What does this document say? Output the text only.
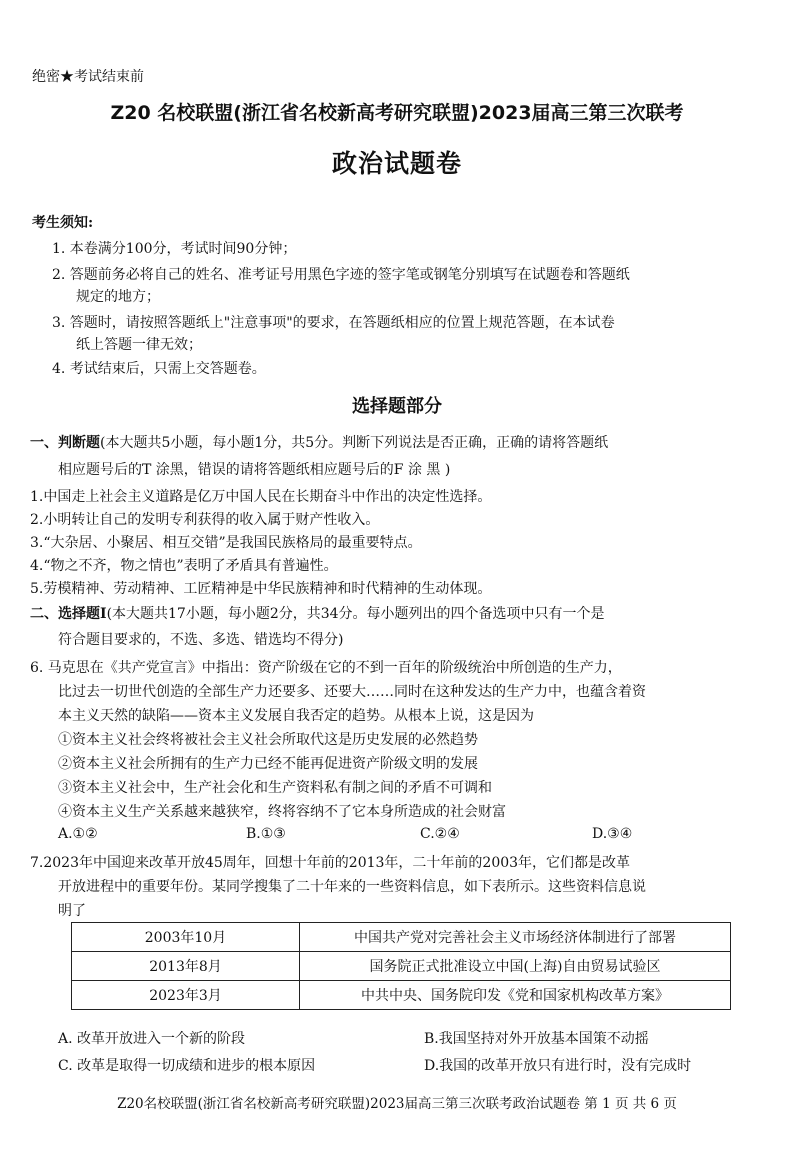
绝密★考试结束前
Z20 名校联盟(浙江省名校新高考研究联盟)2023届高三第三次联考
政治试题卷
考生须知:
1. 本卷满分100分，考试时间90分钟；
2. 答题前务必将自己的姓名、准考证号用黑色字迹的签字笔或钢笔分别填写在试题卷和答题纸
规定的地方；
3. 答题时，请按照答题纸上"注意事项"的要求，在答题纸相应的位置上规范答题，在本试卷
纸上答题一律无效；
4. 考试结束后，只需上交答题卷。
选择题部分
一、判断题(本大题共5小题，每小题1分，共5分。判断下列说法是否正确，正确的请将答题纸
相应题号后的T 涂黑，错误的请将答题纸相应题号后的F 涂 黑 )
1.中国走上社会主义道路是亿万中国人民在长期奋斗中作出的决定性选择。
2.小明转让自己的发明专利获得的收入属于财产性收入。
3.“大杂居、小聚居、相互交错”是我国民族格局的最重要特点。
4.“物之不齐，物之情也”表明了矛盾具有普遍性。
5.劳模精神、劳动精神、工匠精神是中华民族精神和时代精神的生动体现。
二、选择题Ⅰ(本大题共17小题，每小题2分，共34分。每小题列出的四个备选项中只有一个是
符合题目要求的，不选、多选、错选均不得分)
6. 马克思在《共产党宣言》中指出：资产阶级在它的不到一百年的阶级统治中所创造的生产力，
比过去一切世代创造的全部生产力还要多、还要大……同时在这种发达的生产力中，也蕴含着资
本主义天然的缺陷——资本主义发展自我否定的趋势。从根本上说，这是因为
①资本主义社会终将被社会主义社会所取代这是历史发展的必然趋势
②资本主义社会所拥有的生产力已经不能再促进资产阶级文明的发展
③资本主义社会中，生产社会化和生产资料私有制之间的矛盾不可调和
④资本主义生产关系越来越狭窄，终将容纳不了它本身所造成的社会财富
A.①②	B.①③	C.②④	D.③④
7.2023年中国迎来改革开放45周年，回想十年前的2013年，二十年前的2003年，它们都是改革
开放进程中的重要年份。某同学搜集了二十年来的一些资料信息，如下表所示。这些资料信息说
明了
2003年10月	中国共产党对完善社会主义市场经济体制进行了部署
2013年8月	国务院正式批准设立中国(上海)自由贸易试验区
2023年3月	中共中央、国务院印发《党和国家机构改革方案》
A. 改革开放进入一个新的阶段	B.我国坚持对外开放基本国策不动摇
C. 改革是取得一切成绩和进步的根本原因	D.我国的改革开放只有进行时，没有完成时
Z20名校联盟(浙江省名校新高考研究联盟)2023届高三第三次联考政治试题卷 第 1 页 共 6 页
